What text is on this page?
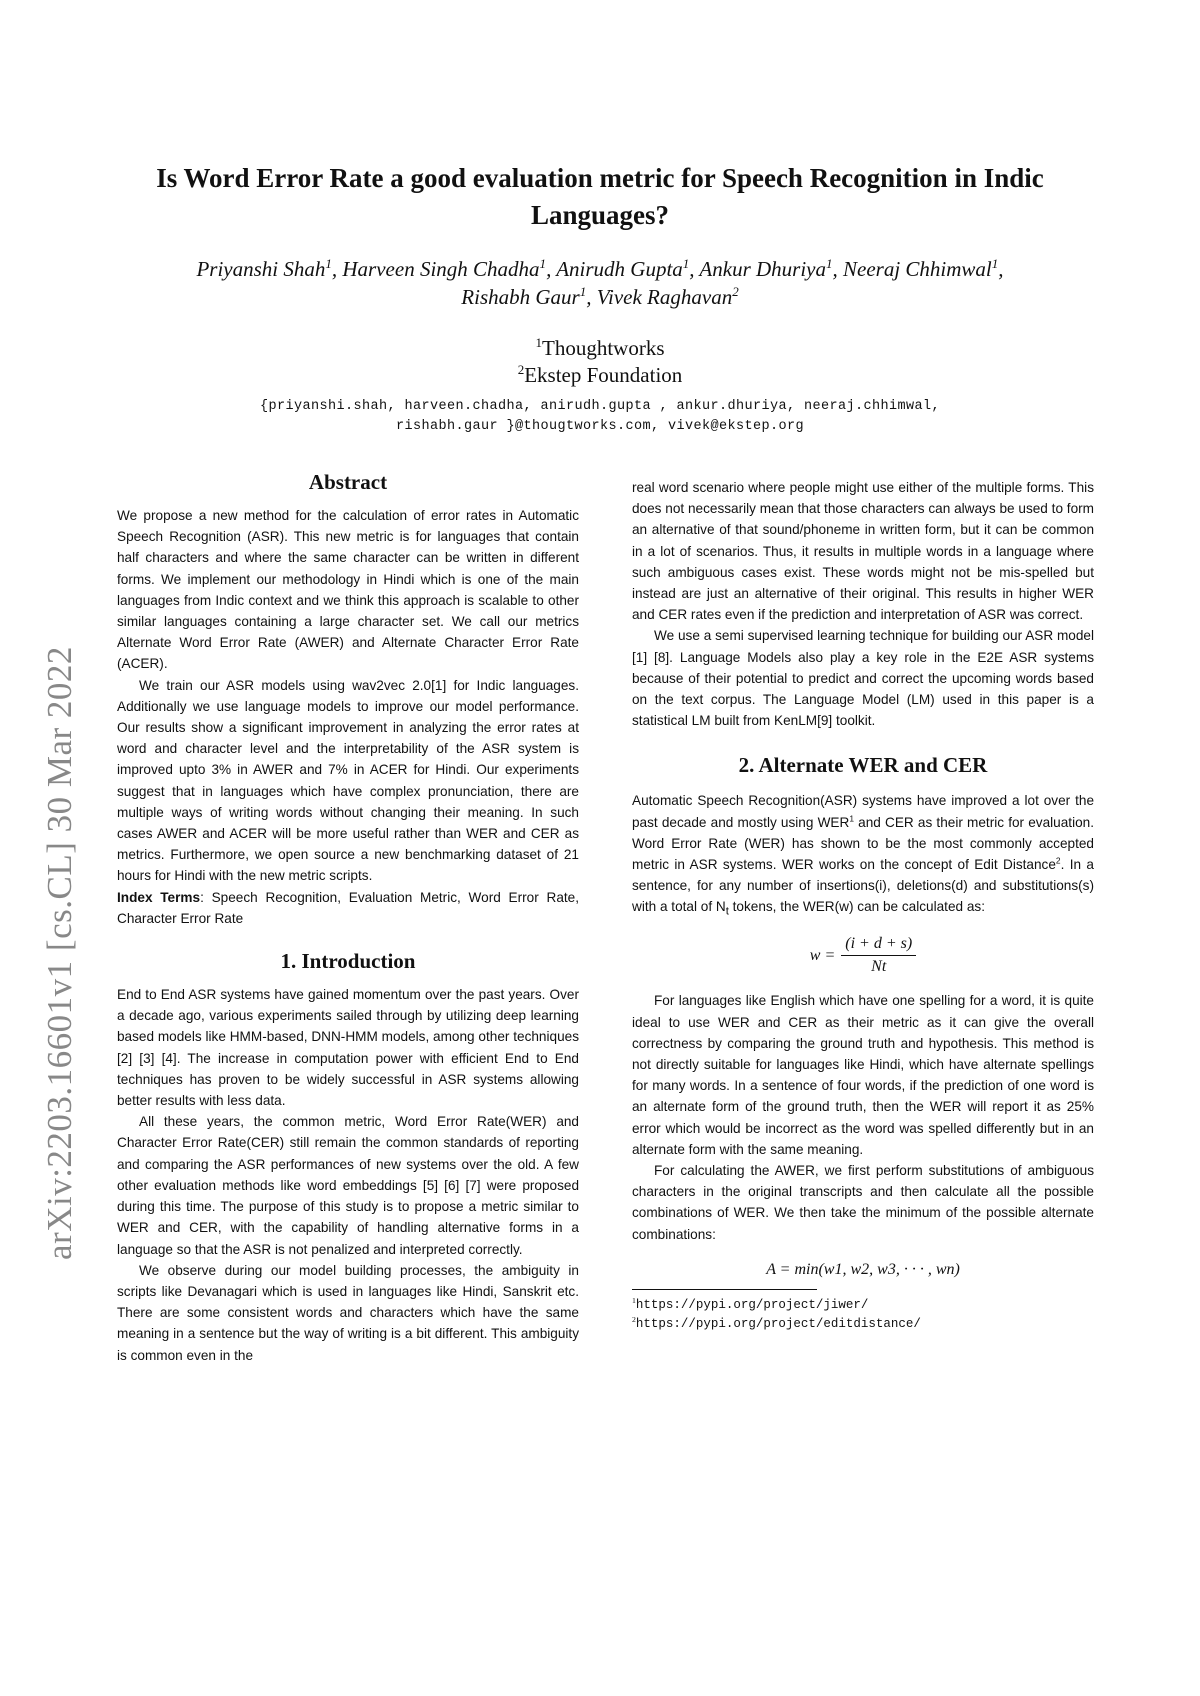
arXiv:2203.16601v1 [cs.CL] 30 Mar 2022
Is Word Error Rate a good evaluation metric for Speech Recognition in Indic Languages?
Priyanshi Shah$^1$, Harveen Singh Chadha$^1$, Anirudh Gupta$^1$, Ankur Dhuriya$^1$, Neeraj Chhimwal$^1$,
Rishabh Gaur$^1$, Vivek Raghavan$^2$
$^1$Thoughtworks
$^2$Ekstep Foundation
{priyanshi.shah, harveen.chadha, anirudh.gupta , ankur.dhuriya, neeraj.chhimwal,
rishabh.gaur }@thougtworks.com, vivek@ekstep.org
Abstract

We propose a new method for the calculation of error rates in Automatic Speech Recognition (ASR). This new metric is for languages that contain half characters and where the same character can be written in different forms. We implement our methodology in Hindi which is one of the main languages from Indic context and we think this approach is scalable to other similar languages containing a large character set. We call our metrics Alternate Word Error Rate (AWER) and Alternate Character Error Rate (ACER).

We train our ASR models using wav2vec 2.0[1] for Indic languages. Additionally we use language models to improve our model performance. Our results show a significant improvement in analyzing the error rates at word and character level and the interpretability of the ASR system is improved upto 3% in AWER and 7% in ACER for Hindi. Our experiments suggest that in languages which have complex pronunciation, there are multiple ways of writing words without changing their meaning. In such cases AWER and ACER will be more useful rather than WER and CER as metrics. Furthermore, we open source a new benchmarking dataset of 21 hours for Hindi with the new metric scripts.

Index Terms: Speech Recognition, Evaluation Metric, Word Error Rate, Character Error Rate

1. Introduction

End to End ASR systems have gained momentum over the past years. Over a decade ago, various experiments sailed through by utilizing deep learning based models like HMM-based, DNN-HMM models, among other techniques [2] [3] [4]. The increase in computation power with efficient End to End techniques has proven to be widely successful in ASR systems allowing better results with less data.

All these years, the common metric, Word Error Rate(WER) and Character Error Rate(CER) still remain the common standards of reporting and comparing the ASR performances of new systems over the old. A few other evaluation methods like word embeddings [5] [6] [7] were proposed during this time. The purpose of this study is to propose a metric similar to WER and CER, with the capability of handling alternative forms in a language so that the ASR is not penalized and interpreted correctly.

We observe during our model building processes, the ambiguity in scripts like Devanagari which is used in languages like Hindi, Sanskrit etc. There are some consistent words and characters which have the same meaning in a sentence but the way of writing is a bit different. This ambiguity is common even in the

real word scenario where people might use either of the multiple forms. This does not necessarily mean that those characters can always be used to form an alternative of that sound/phoneme in written form, but it can be common in a lot of scenarios. Thus, it results in multiple words in a language where such ambiguous cases exist. These words might not be mis-spelled but instead are just an alternative of their original. This results in higher WER and CER rates even if the prediction and interpretation of ASR was correct.

We use a semi supervised learning technique for building our ASR model [1] [8]. Language Models also play a key role in the E2E ASR systems because of their potential to predict and correct the upcoming words based on the text corpus. The Language Model (LM) used in this paper is a statistical LM built from KenLM[9] toolkit.

2. Alternate WER and CER

Automatic Speech Recognition(ASR) systems have improved a lot over the past decade and mostly using WER$^1$ and CER as their metric for evaluation. Word Error Rate (WER) has shown to be the most commonly accepted metric in ASR systems. WER works on the concept of Edit Distance$^2$. In a sentence, for any number of insertions(i), deletions(d) and substitutions(s) with a total of $N_t$ tokens, the WER(w) can be calculated as:

$w = \frac{(i + d + s)}{Nt}$

For languages like English which have one spelling for a word, it is quite ideal to use WER and CER as their metric as it can give the overall correctness by comparing the ground truth and hypothesis. This method is not directly suitable for languages like Hindi, which have alternate spellings for many words. In a sentence of four words, if the prediction of one word is an alternate form of the ground truth, then the WER will report it as 25% error which would be incorrect as the word was spelled differently but in an alternate form with the same meaning.

For calculating the AWER, we first perform substitutions of ambiguous characters in the original transcripts and then calculate all the possible combinations of WER. We then take the minimum of the possible alternate combinations:

A = min(w1, w2, w3, · · · , wn)
$^1$https://pypi.org/project/jiwer/
$^2$https://pypi.org/project/editdistance/
